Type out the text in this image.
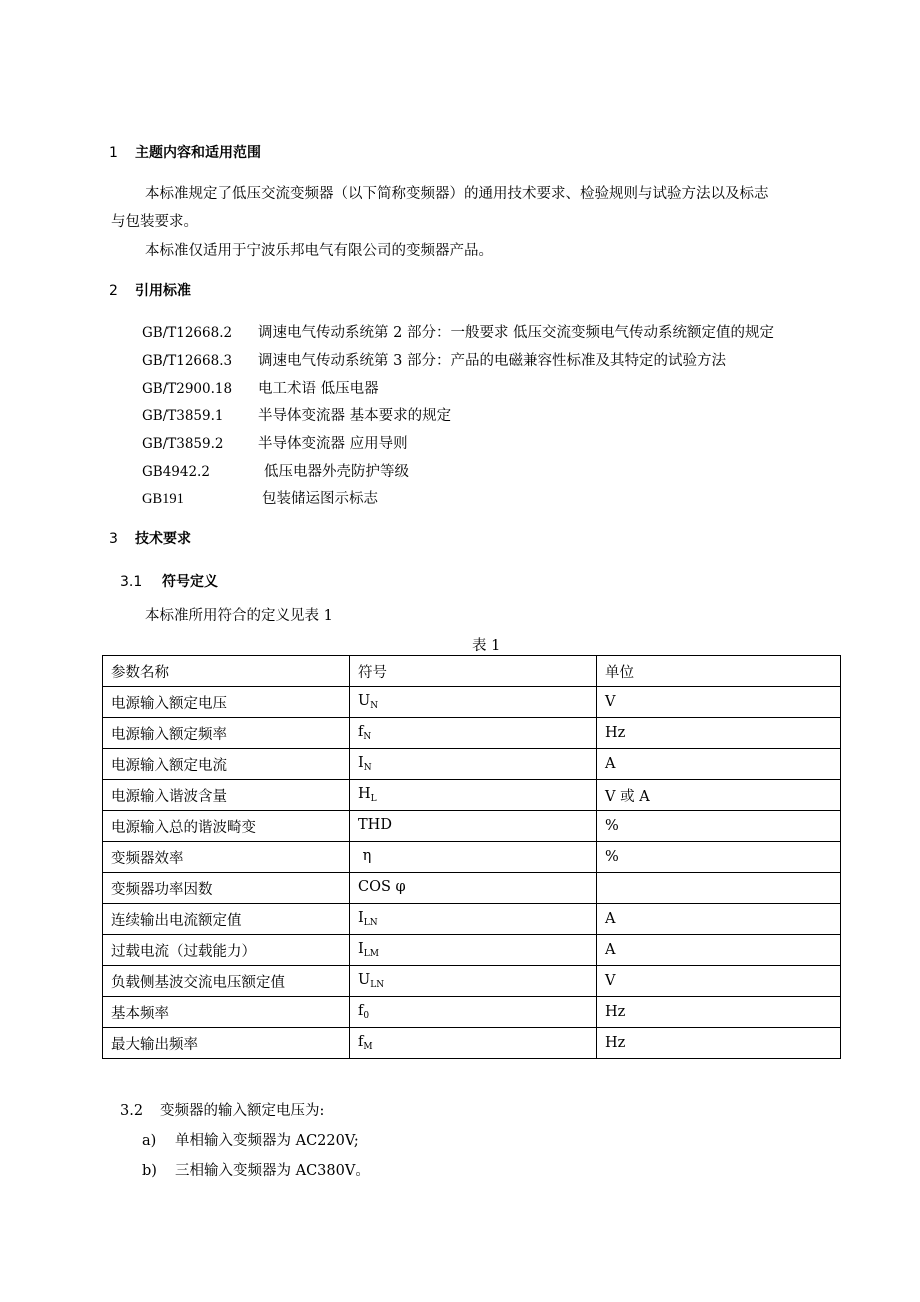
1 主题内容和适用范围
本标准规定了低压交流变频器（以下简称变频器）的通用技术要求、检验规则与试验方法以及标志
与包装要求。
本标准仅适用于宁波乐邦电气有限公司的变频器产品。
2 引用标准
GB/T12668.2 调速电气传动系统第 2 部分：一般要求 低压交流变频电气传动系统额定值的规定
GB/T12668.3 调速电气传动系统第 3 部分：产品的电磁兼容性标准及其特定的试验方法
GB/T2900.18 电工术语 低压电器
GB/T3859.1 半导体变流器 基本要求的规定
GB/T3859.2 半导体变流器 应用导则
GB4942.2	低压电器外壳防护等级
GB191	包装储运图示标志
3 技术要求
3.1 符号定义
本标准所用符合的定义见表 1
表 1
参数名称	符号	单位
电源输入额定电压	$U_N$	V
电源输入额定频率	$f_N$	Hz
电源输入额定电流	$I_N$	A
电源输入谐波含量	$H_L$	V 或 A
电源输入总的谐波畸变	THD	%
变频器效率	η	%
变频器功率因数	COS φ	
连续输出电流额定值	$I_{LN}$	A
过载电流（过载能力）	$I_{LM}$	A
负载侧基波交流电压额定值	$U_{LN}$	V
基本频率	$f_0$	Hz
最大输出频率	$f_M$	Hz
3.2 变频器的输入额定电压为:
a) 单相输入变频器为 AC220V;
b) 三相输入变频器为 AC380V。
